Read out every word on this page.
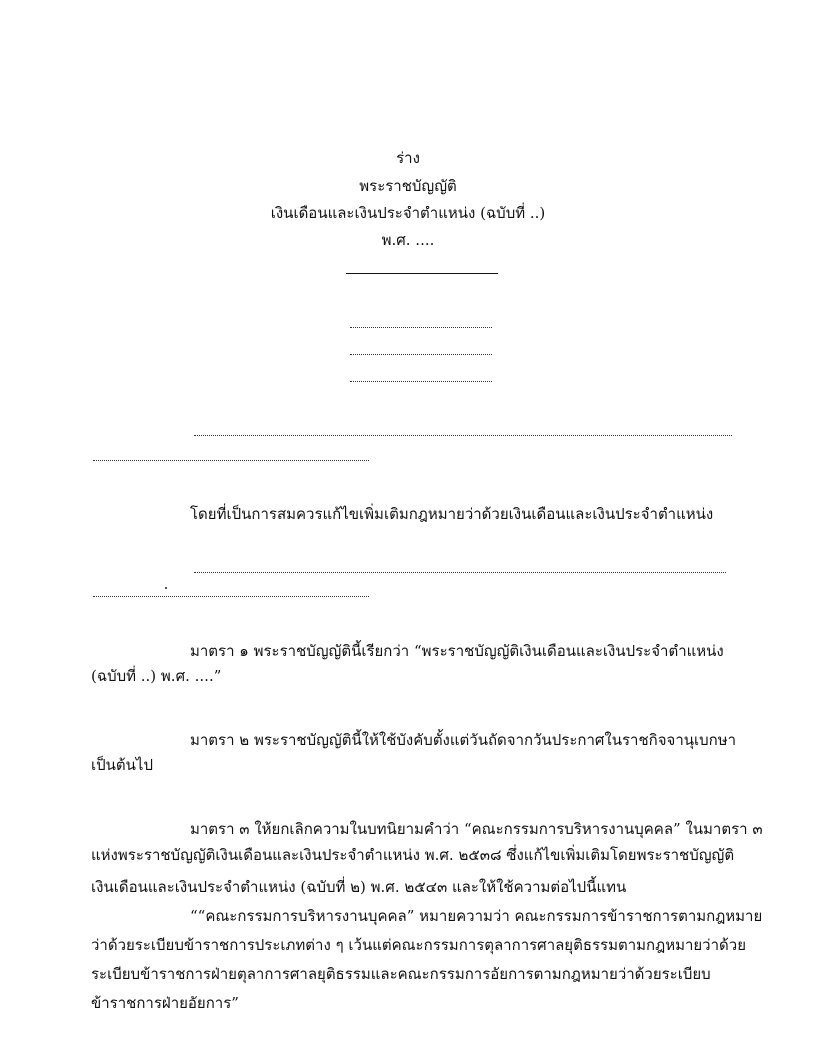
ร่าง
พระราชบัญญัติ
เงินเดือนและเงินประจำตำแหน่ง (ฉบับที่ ..)
พ.ศ. ....
โดยที่เป็นการสมควรแก้ไขเพิ่มเติมกฎหมายว่าด้วยเงินเดือนและเงินประจำตำแหน่ง
มาตรา ๑ พระราชบัญญัตินี้เรียกว่า “พระราชบัญญัติเงินเดือนและเงินประจำตำแหน่ง
(ฉบับที่ ..) พ.ศ. ....”
มาตรา ๒ พระราชบัญญัตินี้ให้ใช้บังคับตั้งแต่วันถัดจากวันประกาศในราชกิจจานุเบกษา
เป็นต้นไป
มาตรา ๓ ให้ยกเลิกความในบทนิยามคำว่า “คณะกรรมการบริหารงานบุคคล” ในมาตรา ๓
แห่งพระราชบัญญัติเงินเดือนและเงินประจำตำแหน่ง พ.ศ. ๒๕๓๘ ซึ่งแก้ไขเพิ่มเติมโดยพระราชบัญญัติ
เงินเดือนและเงินประจำตำแหน่ง (ฉบับที่ ๒) พ.ศ. ๒๕๔๓ และให้ใช้ความต่อไปนี้แทน
““คณะกรรมการบริหารงานบุคคล” หมายความว่า คณะกรรมการข้าราชการตามกฎหมาย
ว่าด้วยระเบียบข้าราชการประเภทต่าง ๆ เว้นแต่คณะกรรมการตุลาการศาลยุติธรรมตามกฎหมายว่าด้วย
ระเบียบข้าราชการฝ่ายตุลาการศาลยุติธรรมและคณะกรรมการอัยการตามกฎหมายว่าด้วยระเบียบ
ข้าราชการฝ่ายอัยการ”
